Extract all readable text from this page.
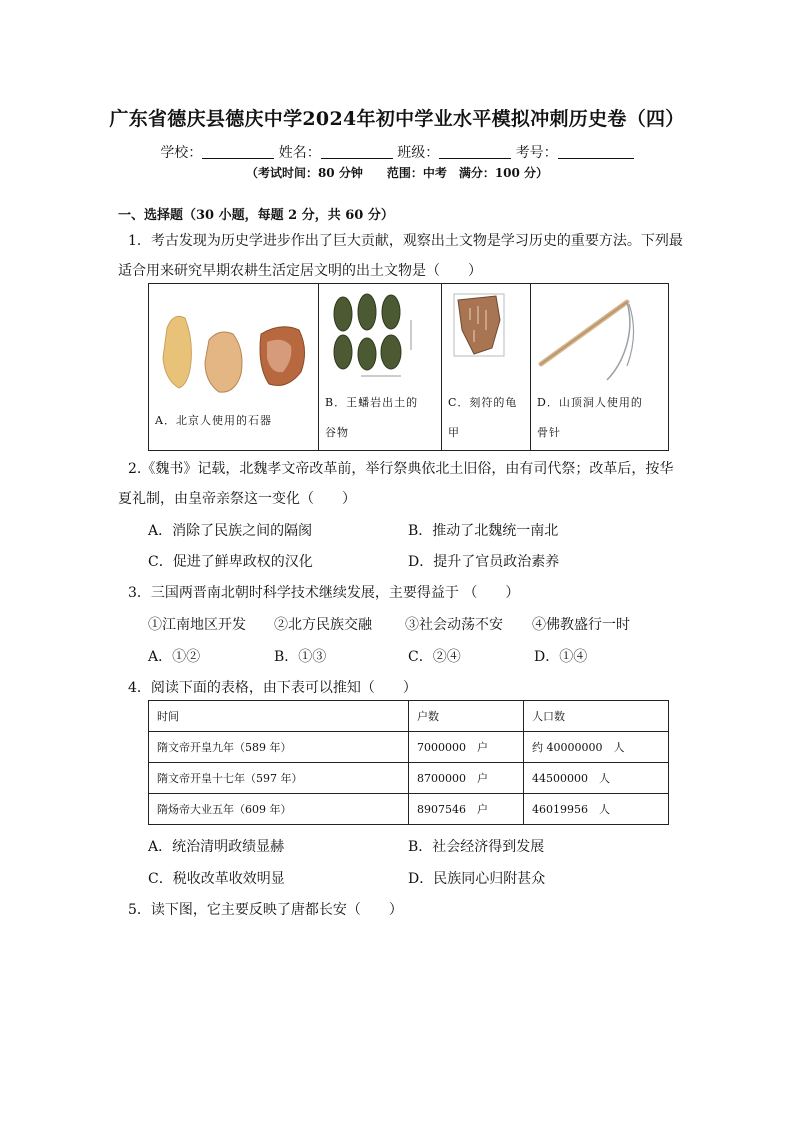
广东省德庆县德庆中学2024年初中学业水平模拟冲刺历史卷（四）
学校：	姓名：	班级：	考号：
（考试时间：80 分钟　　范围：中考　满分：100 分）
一、选择题（30 小题，每题 2 分，共 60 分）
1．考古发现为历史学进步作出了巨大贡献，观察出土文物是学习历史的重要方法。下列最
适合用来研究早期农耕生活定居文明的出土文物是（　　）
A．北京人使用的石器

B．王蟠岩出土的
谷物

C．刻符的龟
甲

D．山顶洞人使用的
骨针
2.《魏书》记载，北魏孝文帝改革前，举行祭典依北土旧俗，由有司代祭；改革后，按华
夏礼制，由皇帝亲祭这一变化（　　）
A．消除了民族之间的隔阂	B．推动了北魏统一南北
C．促进了鲜卑政权的汉化	D．提升了官员政治素养
3．三国两晋南北朝时科学技术继续发展，主要得益于 （　　）
①江南地区开发 ②北方民族交融 ③社会动荡不安 ④佛教盛行一时
A．①②	B．①③	C．②④	D．①④
4．阅读下面的表格，由下表可以推知（　　）
时间	户数	人口数
隋文帝开皇九年（589 年）	7000000　户	约 40000000　人
隋文帝开皇十七年（597 年）	8700000　户	44500000　人
隋炀帝大业五年（609 年）	8907546　户	46019956　人
A．统治清明政绩显赫	B．社会经济得到发展
C．税收改革收效明显	D．民族同心归附甚众
5．读下图，它主要反映了唐都长安（　　）
